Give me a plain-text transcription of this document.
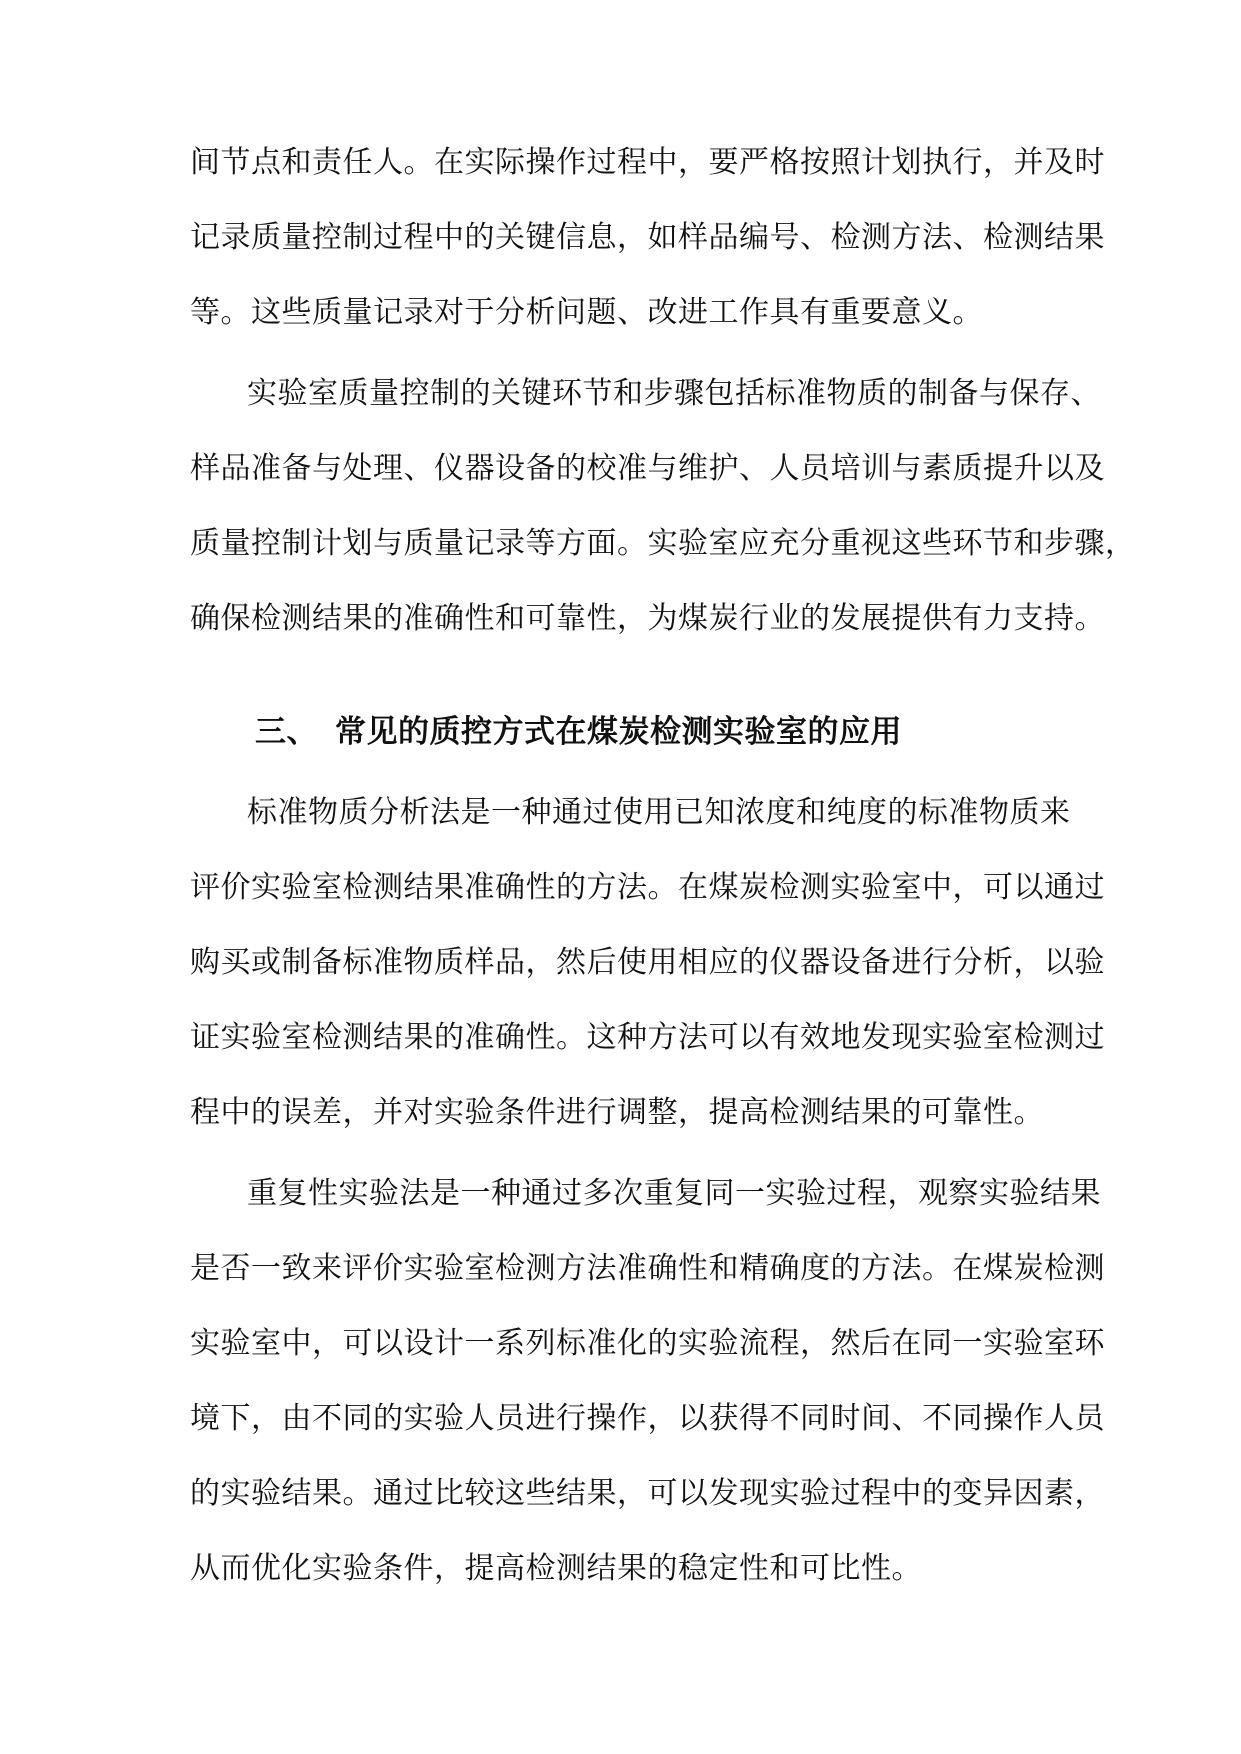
间节点和责任人。在实际操作过程中，要严格按照计划执行，并及时
记录质量控制过程中的关键信息，如样品编号、检测方法、检测结果
等。这些质量记录对于分析问题、改进工作具有重要意义。
实验室质量控制的关键环节和步骤包括标准物质的制备与保存、
样品准备与处理、仪器设备的校准与维护、人员培训与素质提升以及
质量控制计划与质量记录等方面。实验室应充分重视这些环节和步骤，
确保检测结果的准确性和可靠性，为煤炭行业的发展提供有力支持。
三、 常见的质控方式在煤炭检测实验室的应用
标准物质分析法是一种通过使用已知浓度和纯度的标准物质来
评价实验室检测结果准确性的方法。在煤炭检测实验室中，可以通过
购买或制备标准物质样品，然后使用相应的仪器设备进行分析，以验
证实验室检测结果的准确性。这种方法可以有效地发现实验室检测过
程中的误差，并对实验条件进行调整，提高检测结果的可靠性。
重复性实验法是一种通过多次重复同一实验过程，观察实验结果
是否一致来评价实验室检测方法准确性和精确度的方法。在煤炭检测
实验室中，可以设计一系列标准化的实验流程，然后在同一实验室环
境下，由不同的实验人员进行操作，以获得不同时间、不同操作人员
的实验结果。通过比较这些结果，可以发现实验过程中的变异因素，
从而优化实验条件，提高检测结果的稳定性和可比性。
